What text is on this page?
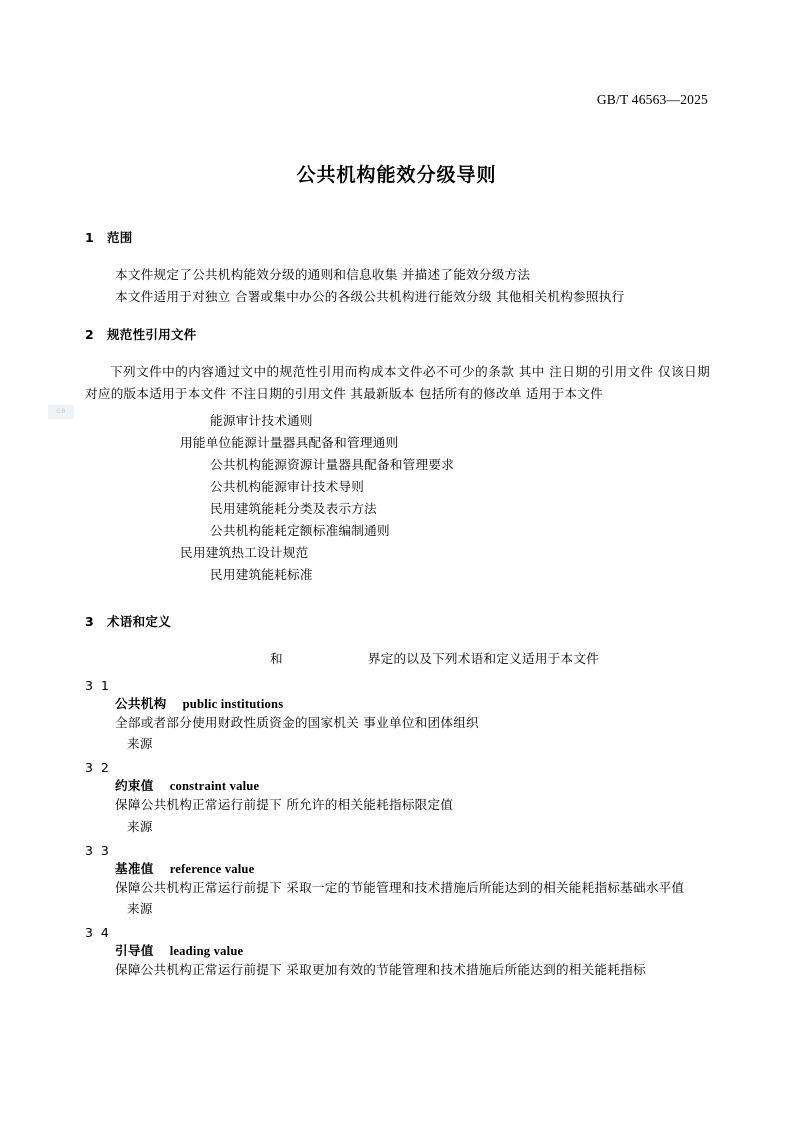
GB
GB/T 46563—2025
公共机构能效分级导则
1 范围
本文件规定了公共机构能效分级的通则和信息收集 并描述了能效分级方法
本文件适用于对独立 合署或集中办公的各级公共机构进行能效分级 其他相关机构参照执行
2 规范性引用文件
下列文件中的内容通过文中的规范性引用而构成本文件必不可少的条款 其中 注日期的引用文件 仅该日期对应的版本适用于本文件 不注日期的引用文件 其最新版本 包括所有的修改单 适用于本文件
能源审计技术通则
用能单位能源计量器具配备和管理通则
公共机构能源资源计量器具配备和管理要求
公共机构能源审计技术导则
民用建筑能耗分类及表示方法
公共机构能耗定额标准编制通则
民用建筑热工设计规范
民用建筑能耗标准
3 术语和定义
和	界定的以及下列术语和定义适用于本文件
3 1
公共机构 public institutions
全部或者部分使用财政性质资金的国家机关 事业单位和团体组织
来源
3 2
约束值 constraint value
保障公共机构正常运行前提下 所允许的相关能耗指标限定值
来源
3 3
基准值 reference value
保障公共机构正常运行前提下 采取一定的节能管理和技术措施后所能达到的相关能耗指标基础水平值
来源
3 4
引导值 leading value
保障公共机构正常运行前提下 采取更加有效的节能管理和技术措施后所能达到的相关能耗指标
